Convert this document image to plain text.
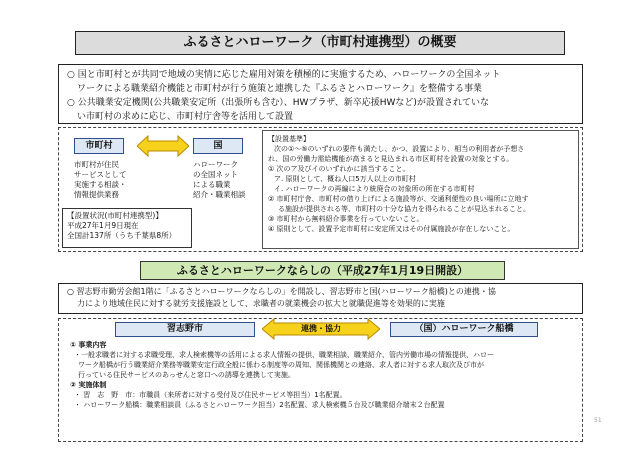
ふるさとハローワーク（市町村連携型）の概要

○ 国と市町村とが共同で地域の実情に応じた雇用対策を積極的に実施するため、ハローワークの全国ネット

ワークによる職業紹介機能と市町村が行う施策と連携した『ふるさとハローワーク』を整備する事業

○ 公共職業安定機関(公共職業安定所（出張所も含む）、HWプラザ、新卒応援HWなど)が設置されていな

い市町村の求めに応じ、市町村庁舎等を活用して設置

市町村	国
市町村が住民
サービスとして
実施する相談・
情報提供業務
ハローワーク
の全国ネット
による職業
紹介・職業相談

【設置状況(市町村連携型)】

平成27年1月9日現在

全国計137所（うち千葉県8所）

【設置基準】

次の①～⑤のいずれの要件も満たし、かつ、設置により、相当の利用者が予想さ

れ、国の労働力需給機能が高まると見込まれる市区町村を設置の対象とする。

① 次のア及びイのいずれかに該当すること。

ア. 原則として、概ね人口5万人以上の市町村

イ. ハローワークの再編により統廃合の対象所の所在する市町村

② 市町村庁舎、市町村の借り上げによる施設等が、交通利便性の良い場所に立地す

る施設が提供される等、市町村の十分な協力を得られることが見込まれること。

③ 市町村から無料紹介事業を行っていないこと。

④ 原則として、設置予定市町村に安定所又はその付属施設が存在しないこと。

ふるさとハローワークならしの（平成27年1月19日開設）

○ 習志野市勤労会館1階に「ふるさとハローワークならしの」を開設し、習志野市と国(ハローワーク船橋)との連携・協

力により地域住民に対する就労支援施設として、求職者の就業機会の拡大と就職促進等を効果的に実施

習志野市	連携・協力	（国）ハローワーク船橋

① 事業内容

・一般求職者に対する求職受理、求人検索機等の活用による求人情報の提供、職業相談、職業紹介、管内労働市場の情報提供、ハロー

ワーク船橋が行う職業紹介業務等職業安定行政全般に係わる制度等の周知、関係機関との連絡、求人者に対する求人取次及び市が

行っている住民サービスのあっせんと窓口への誘導を連携して実施。

② 実施体制

・ 習　志　野　市：市職員（来所者に対する受付及び住民サービス等担当）1名配置。

・ ハローワーク船橋：職業相談員（ふるさとハローワーク担当）2名配置、求人検索機５台及び職業紹介端末２台配置

51
